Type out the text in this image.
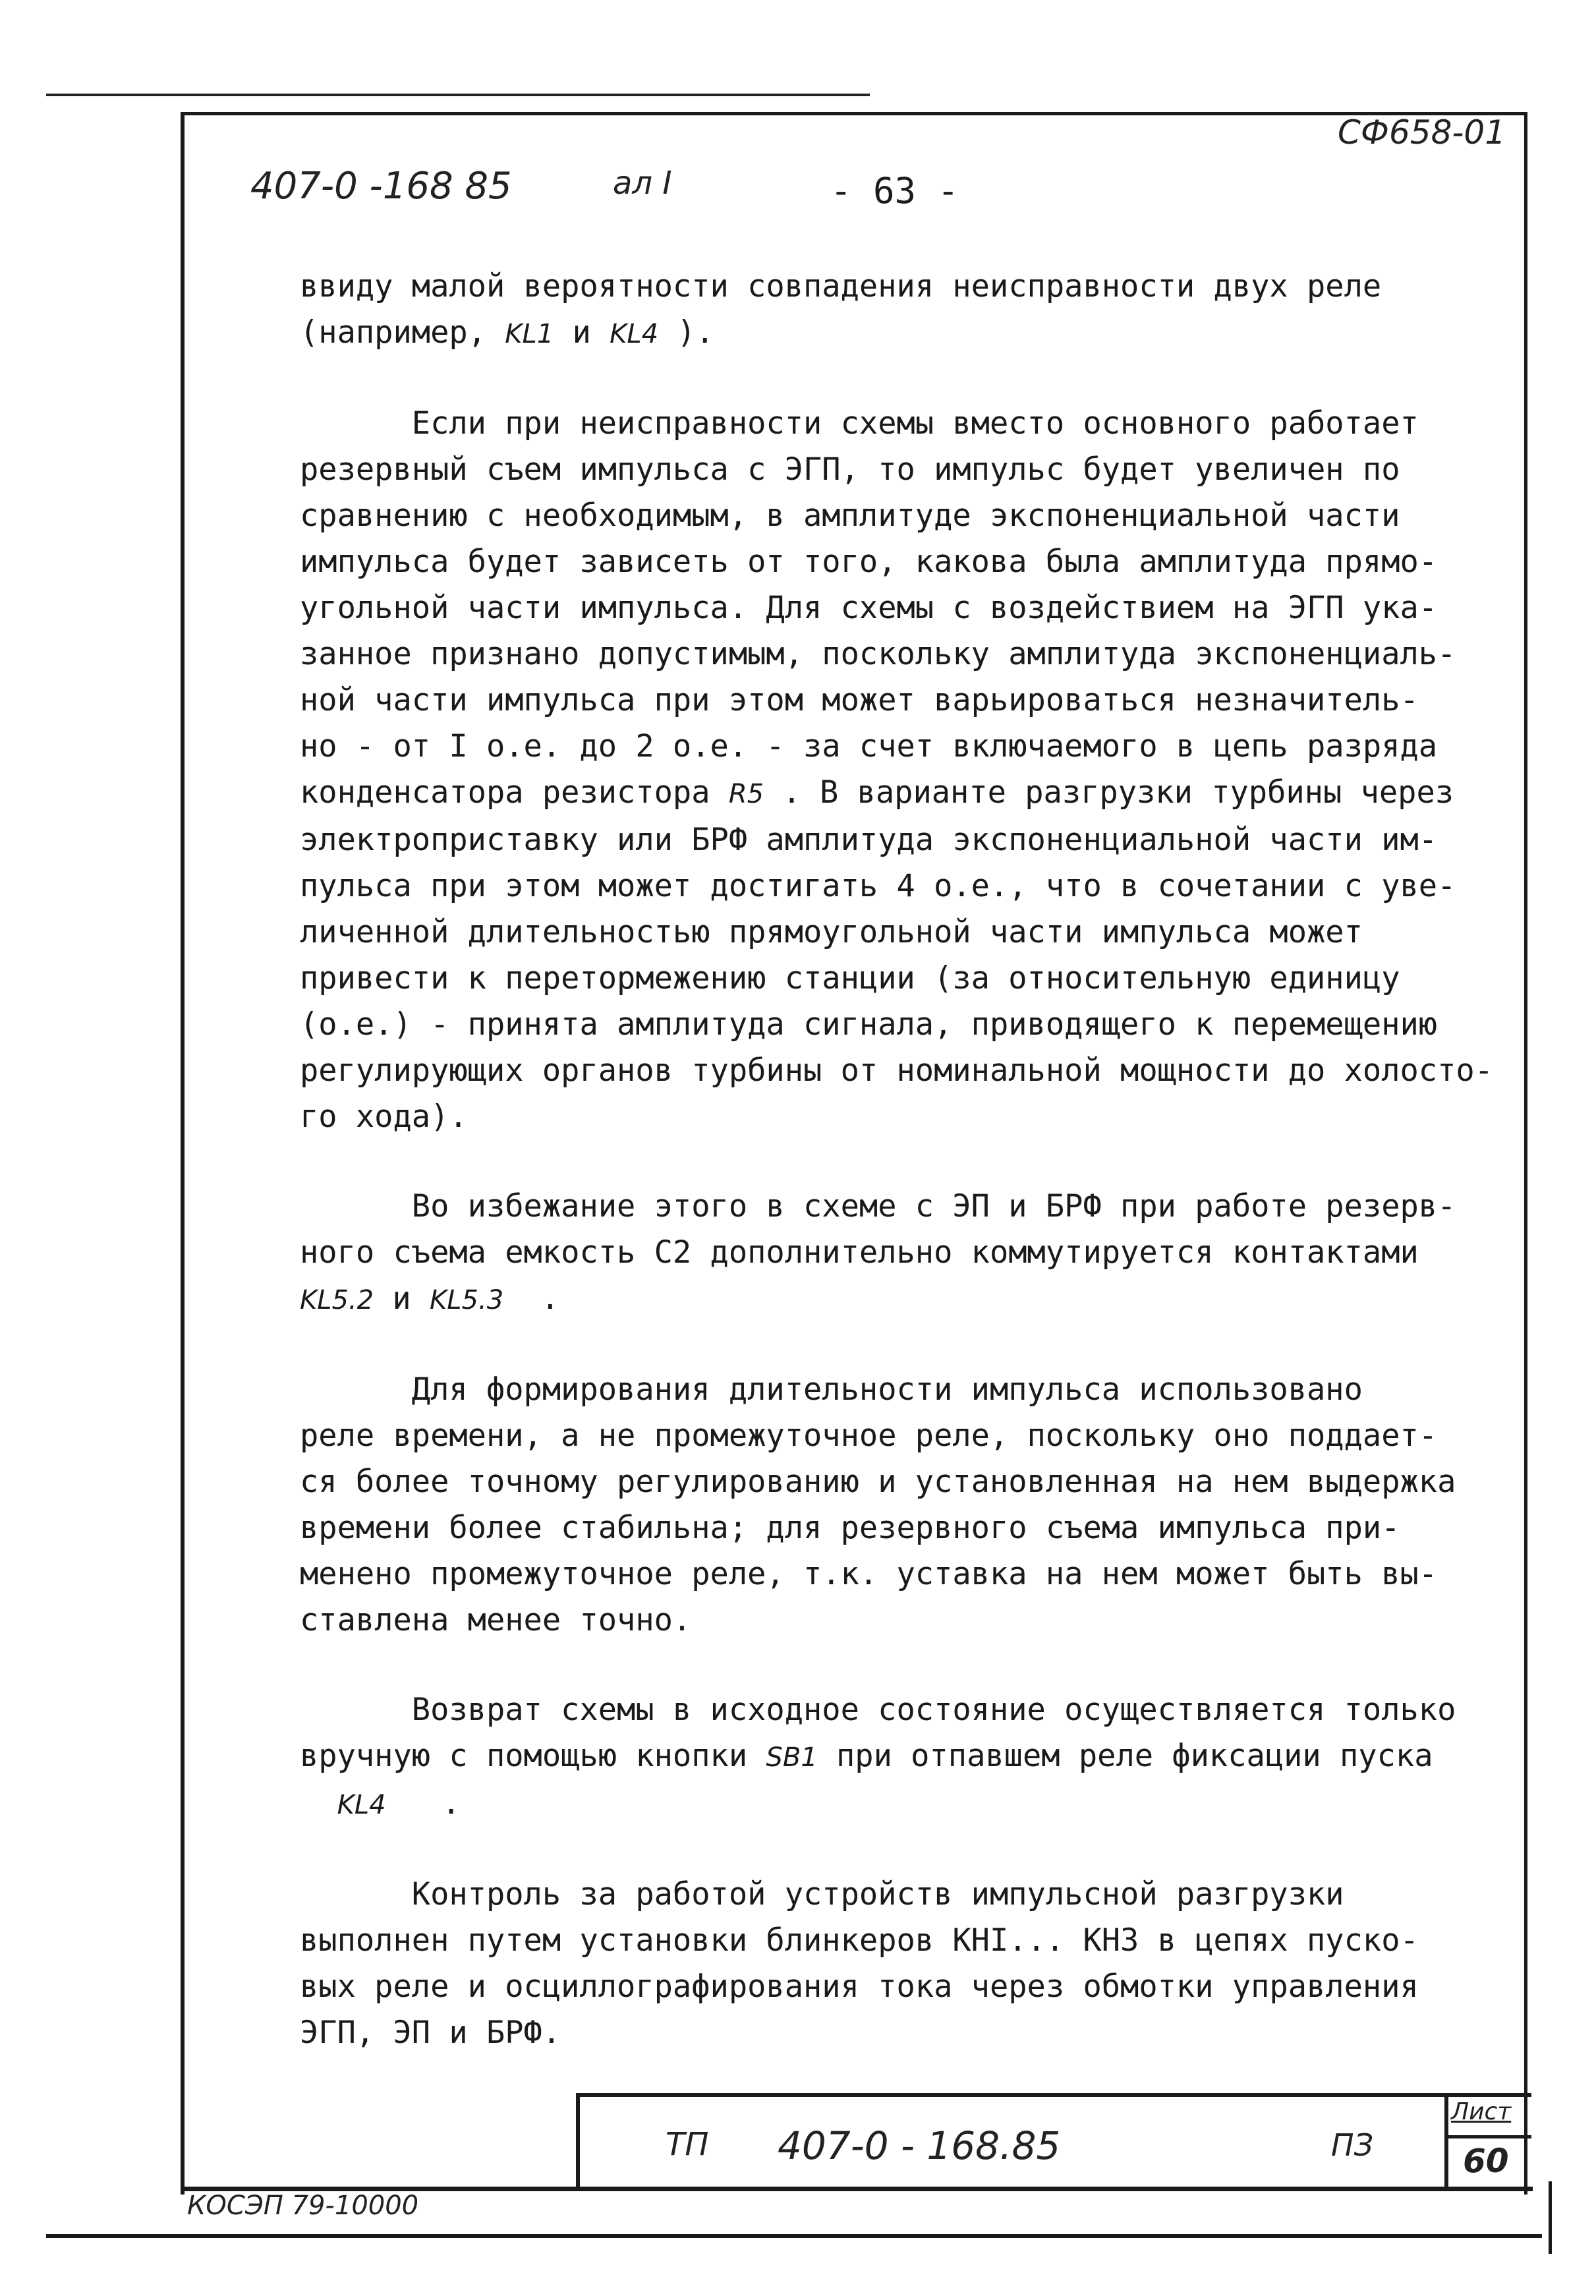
СФ658-01
407-0 -168 85	ал I	- 63 -
ввиду малой вероятности совпадения неисправности двух реле
(например, KL1 и KL4 ).
Если при неисправности схемы вместо основного работает
резервный съем импульса с ЭГП, то импульс будет увеличен по
сравнению с необходимым, в амплитуде экспоненциальной части
импульса будет зависеть от того, какова была амплитуда прямо-
угольной части импульса. Для схемы с воздействием на ЭГП ука-
занное признано допустимым, поскольку амплитуда экспоненциаль-
ной части импульса при этом может варьироваться незначитель-
но - от I о.е. до 2 о.е. - за счет включаемого в цепь разряда
конденсатора резистора R5 . В варианте разгрузки турбины через
электроприставку или БРФ амплитуда экспоненциальной части им-
пульса при этом может достигать 4 о.е., что в сочетании с уве-
личенной длительностью прямоугольной части импульса может
привести к перетормежению станции (за относительную единицу
(о.е.) - принята амплитуда сигнала, приводящего к перемещению
регулирующих органов турбины от номинальной мощности до холосто-
го хода).
Во избежание этого в схеме с ЭП и БРФ при работе резерв-
ного съема емкость С2 дополнительно коммутируется контактами
KL5.2 и KL5.3  .
Для формирования длительности импульса использовано
реле времени, а не промежуточное реле, поскольку оно поддает-
ся более точному регулированию и установленная на нем выдержка
времени более стабильна; для резервного съема импульса при-
менено промежуточное реле, т.к. уставка на нем может быть вы-
ставлена менее точно.
Возврат схемы в исходное состояние осуществляется только
вручную с помощью кнопки SB1 при отпавшем реле фиксации пуска
KL4   .
Контроль за работой устройств импульсной разгрузки
выполнен путем установки блинкеров КНI... КН3 в цепях пуско-
вых реле и осциллографирования тока через обмотки управления
ЭГП, ЭП и БРФ.
ТП 407-0 - 168.85	ПЗ
Лист
60
КОСЭП 79-10000
